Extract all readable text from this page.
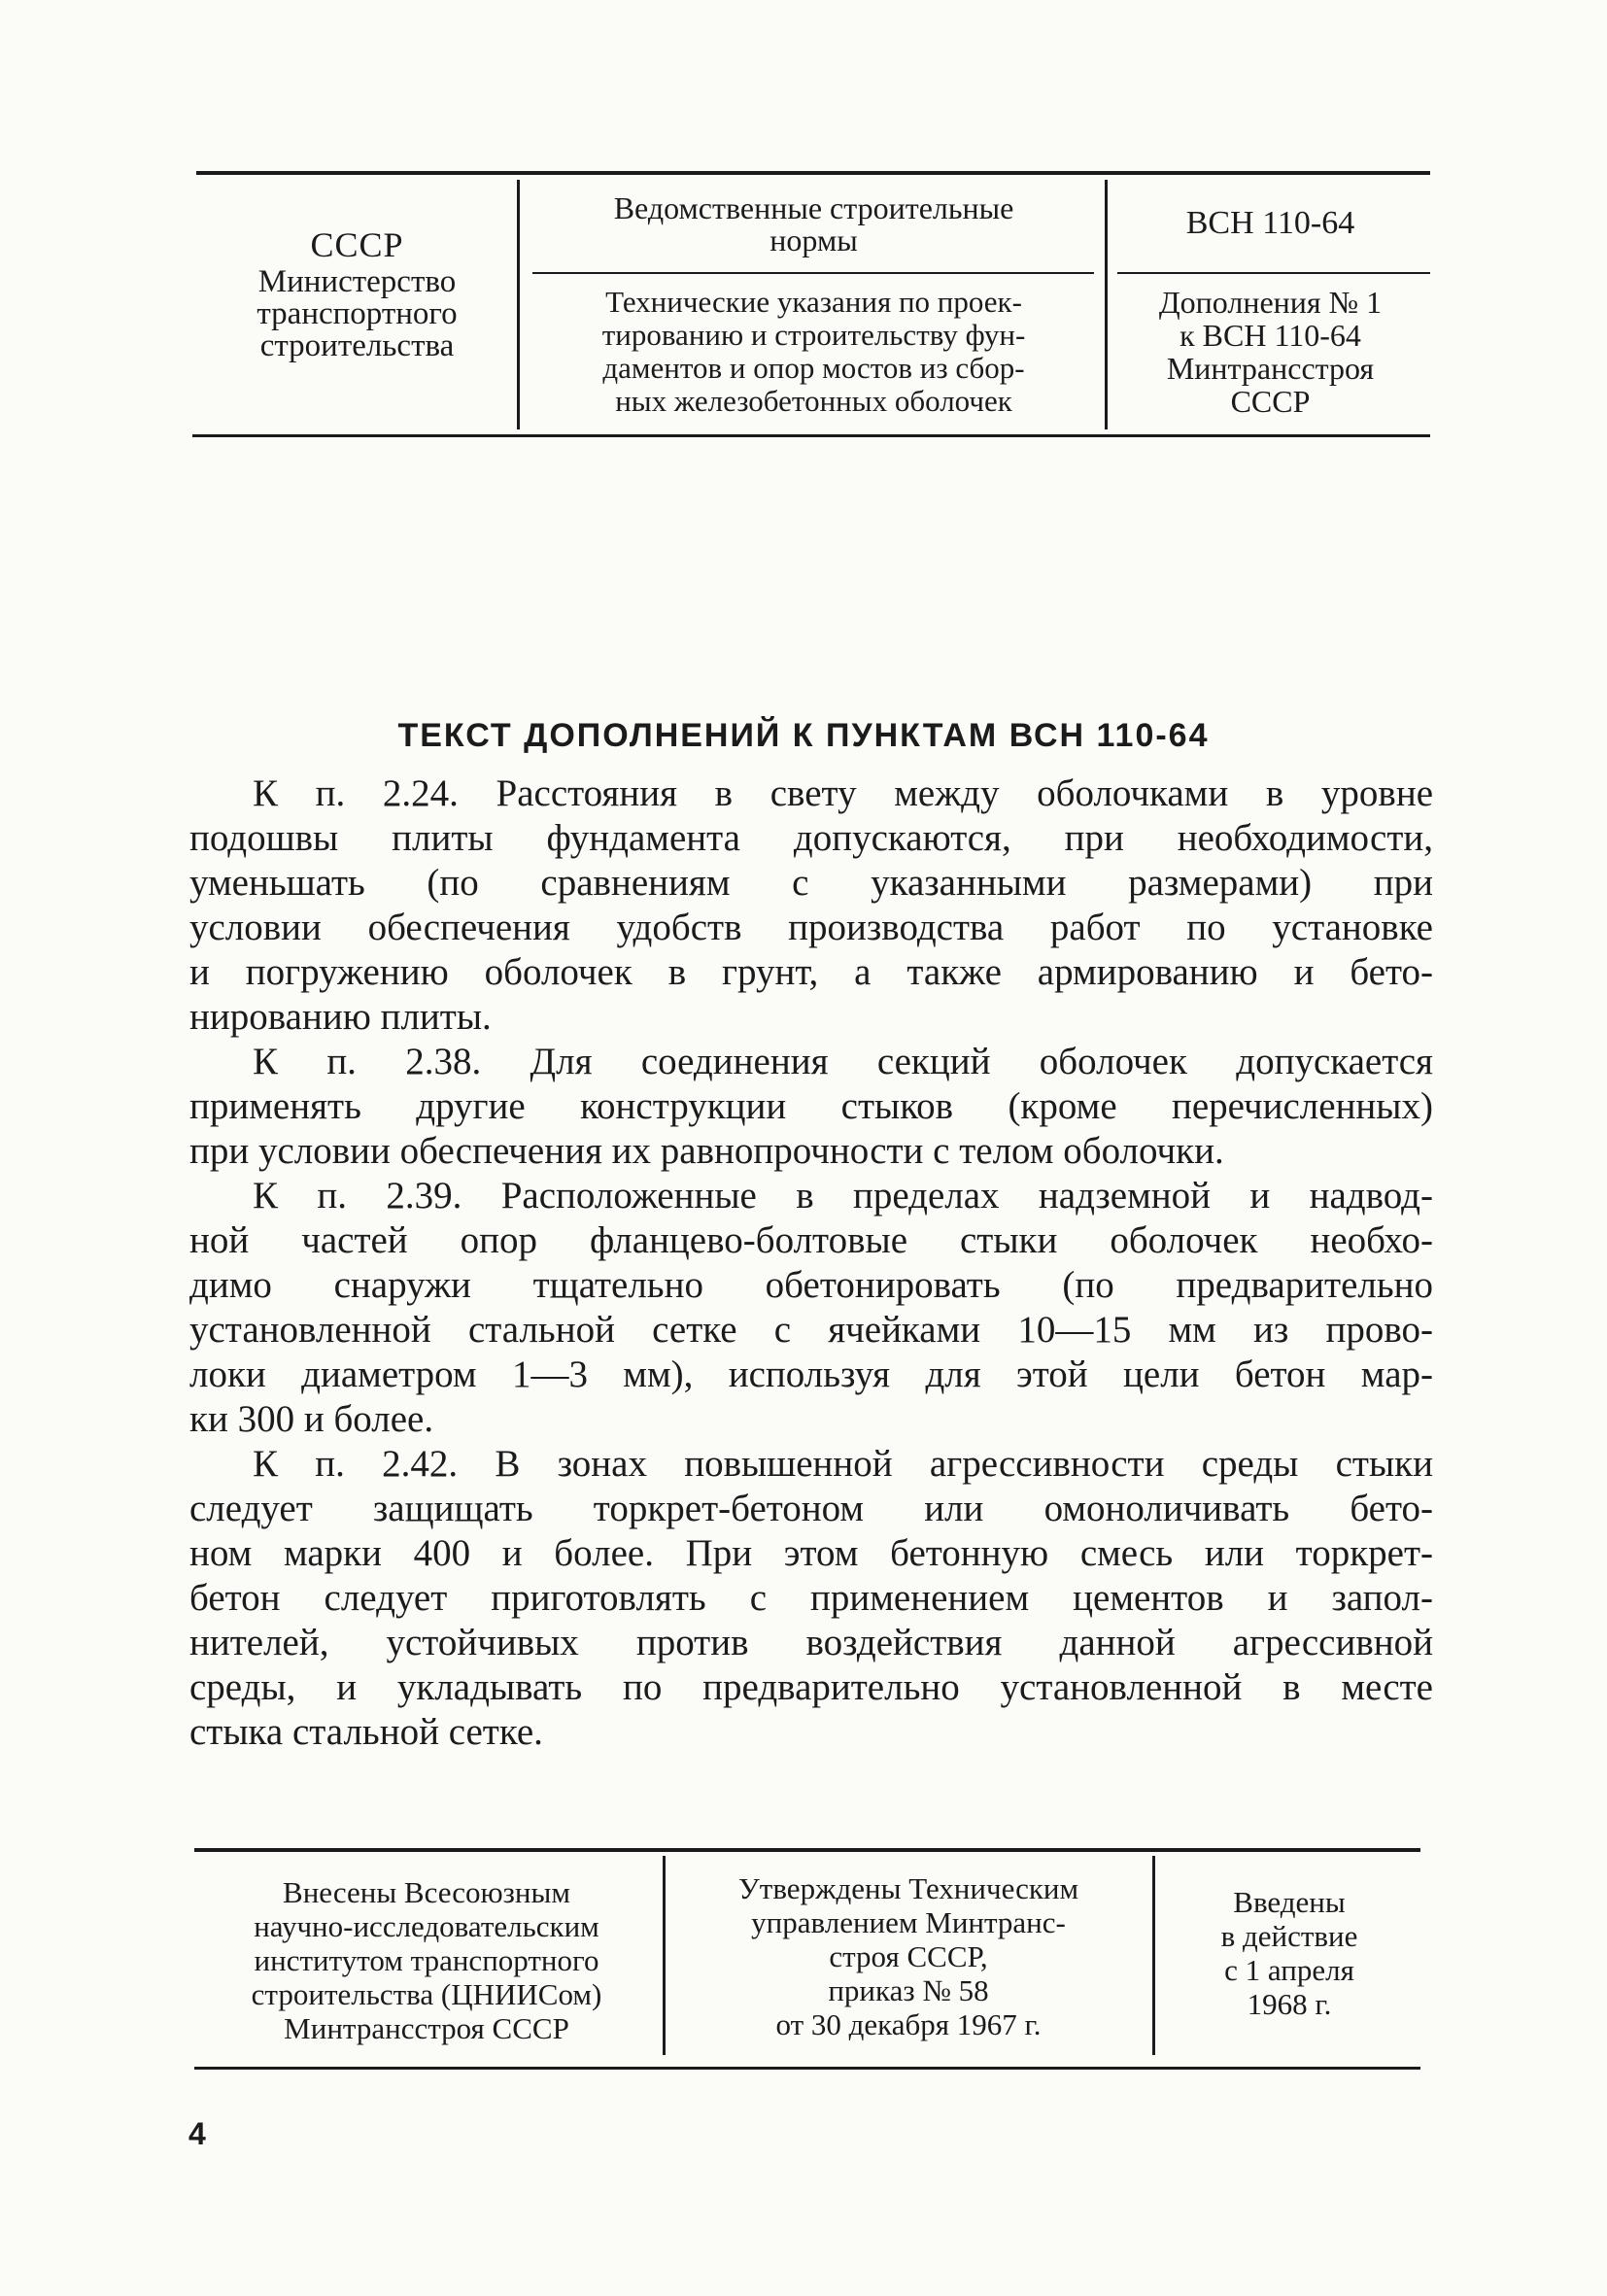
СССР
Министерство
транспортного
строительства
Ведомственные строительные
нормы
Технические указания по проек-
тированию и строительству фун-
даментов и опор мостов из сбор-
ных железобетонных оболочек
ВСН 110-64
Дополнения № 1
к ВСН 110-64
Минтрансстроя
СССР
ТЕКСТ ДОПОЛНЕНИЙ К ПУНКТАМ ВСН 110-64

К п. 2.24. Расстояния в свету между оболочками в уровне
подошвы плиты фундамента допускаются, при необходимости,
уменьшать (по сравнениям с указанными размерами) при
условии обеспечения удобств производства работ по установке
и погружению оболочек в грунт, а также армированию и бето-
нированию плиты.

К п. 2.38. Для соединения секций оболочек допускается
применять другие конструкции стыков (кроме перечисленных)
при условии обеспечения их равнопрочности с телом оболочки.

К п. 2.39. Расположенные в пределах надземной и надвод-
ной частей опор фланцево-болтовые стыки оболочек необхо-
димо снаружи тщательно обетонировать (по предварительно
установленной стальной сетке с ячейками 10—15 мм из прово-
локи диаметром 1—3 мм), используя для этой цели бетон мар-
ки 300 и более.

К п. 2.42. В зонах повышенной агрессивности среды стыки
следует защищать торкрет-бетоном или омоноличивать бето-
ном марки 400 и более. При этом бетонную смесь или торкрет-
бетон следует приготовлять с применением цементов и запол-
нителей, устойчивых против воздействия данной агрессивной
среды, и укладывать по предварительно установленной в месте
стыка стальной сетке.

Внесены Всесоюзным
научно-исследовательским
институтом транспортного
строительства (ЦНИИСом)
Минтрансстроя СССР
Утверждены Техническим
управлением Минтранс-
строя СССР,
приказ № 58
от 30 декабря 1967 г.
Введены
в действие
с 1 апреля
1968 г.
4
